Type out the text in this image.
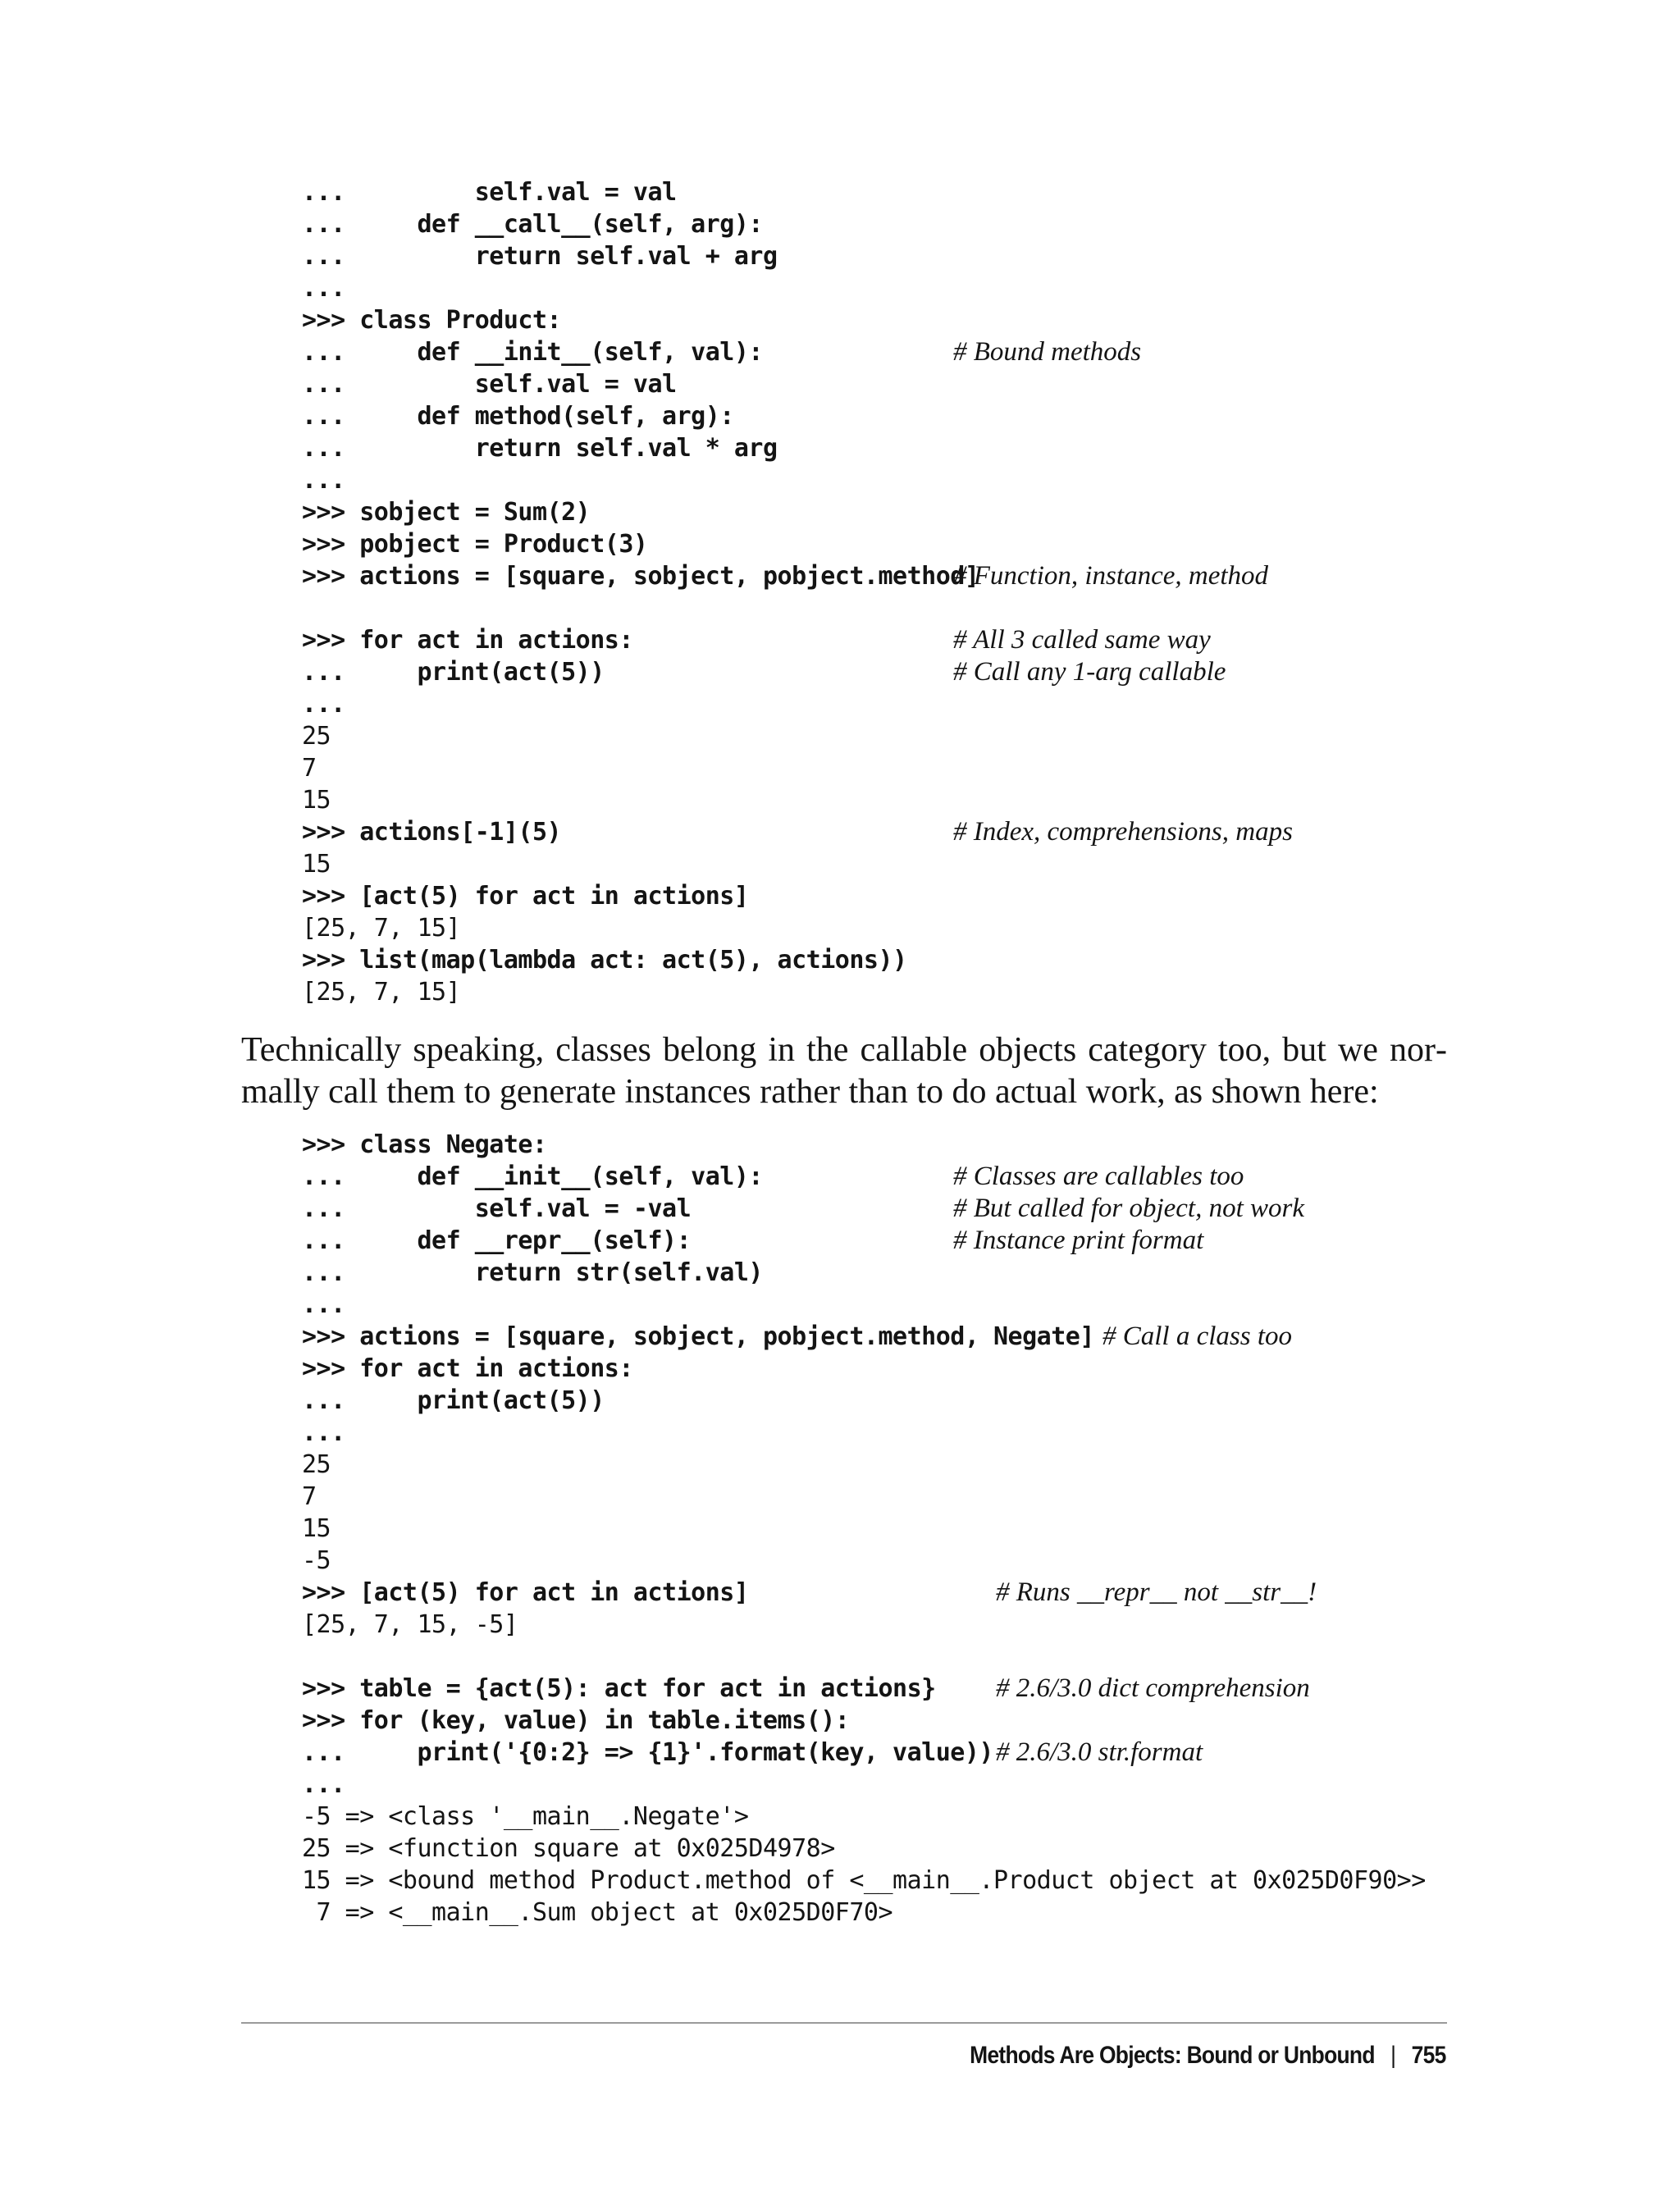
...         self.val = val
...     def __call__(self, arg):
...         return self.val + arg
...
>>> class Product:
...     def __init__(self, val):	# Bound methods
...         self.val = val
...     def method(self, arg):
...         return self.val * arg
...
>>> sobject = Sum(2)
>>> pobject = Product(3)
>>> actions = [square, sobject, pobject.method]
# Function, instance, method
>>> for act in actions:	# All 3 called same way
...     print(act(5))	# Call any 1-arg callable
...
25
7
15
>>> actions[-1](5)	# Index, comprehensions, maps
15
>>> [act(5) for act in actions]
[25, 7, 15]
>>> list(map(lambda act: act(5), actions))
[25, 7, 15]

Technically speaking, classes belong in the callable objects category too, but we normally call them to generate instances rather than to do actual work, as shown here:

>>> class Negate:
...     def __init__(self, val):	# Classes are callables too
...         self.val = -val	# But called for object, not work
...     def __repr__(self):	# Instance print format
...         return str(self.val)
...
>>> actions = [square, sobject, pobject.method, Negate] # Call a class too
>>> for act in actions:
...     print(act(5))
...
25
7
15
-5
>>> [act(5) for act in actions]	# Runs __repr__ not __str__!
[25, 7, 15, -5]
>>> table = {act(5): act for act in actions} # 2.6/3.0 dict comprehension
>>> for (key, value) in table.items():
...     print('{0:2} => {1}'.format(key, value)) # 2.6/3.0 str.format
...
-5 => <class '__main__.Negate'>
25 => <function square at 0x025D4978>
15 => <bound method Product.method of <__main__.Product object at 0x025D0F90>>
7 => <__main__.Sum object at 0x025D0F70>
Methods Are Objects: Bound or Unbound | 755
